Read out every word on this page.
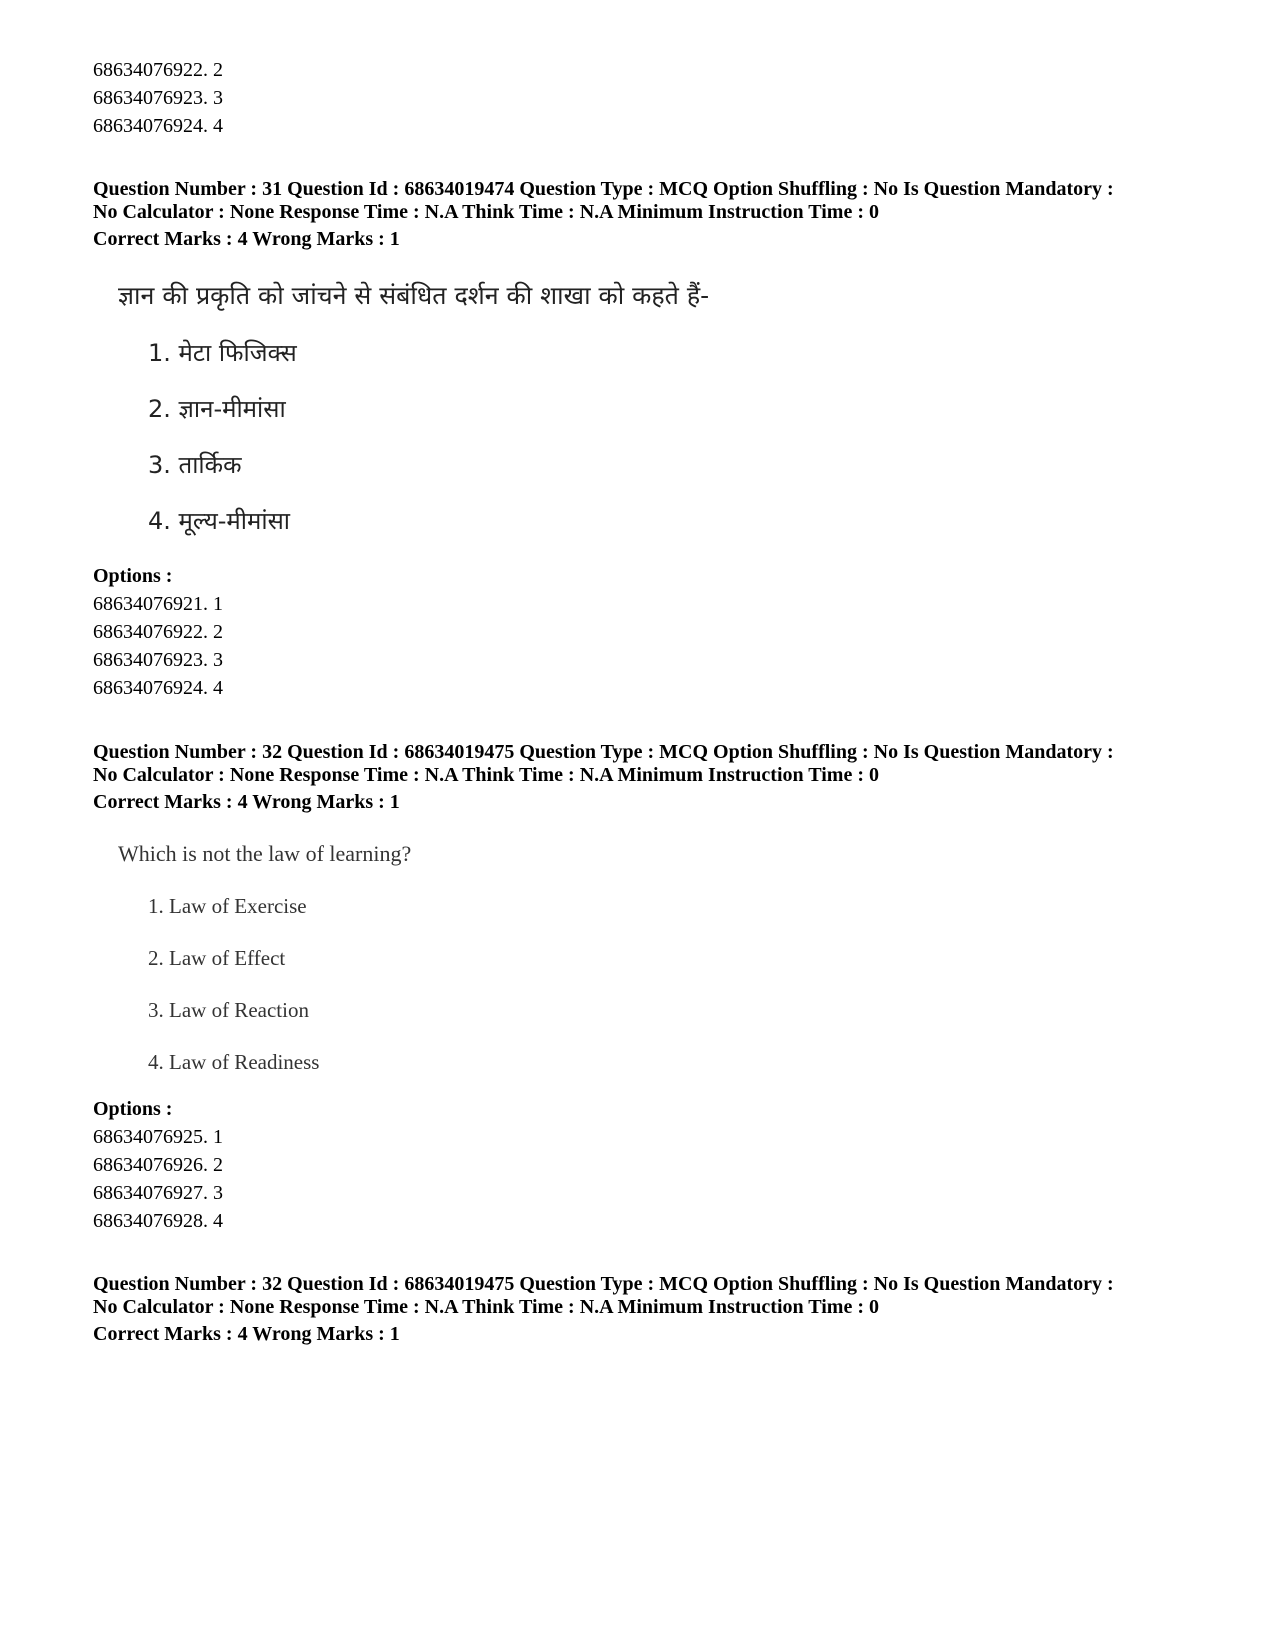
68634076922. 2
68634076923. 3
68634076924. 4
Question Number : 31 Question Id : 68634019474 Question Type : MCQ Option Shuffling : No Is Question Mandatory :
No Calculator : None Response Time : N.A Think Time : N.A Minimum Instruction Time : 0
Correct Marks : 4 Wrong Marks : 1
ज्ञान की प्रकृति को जांचने से संबंधित दर्शन की शाखा को कहते हैं-
1. मेटा फिजिक्स
2. ज्ञान-मीमांसा
3. तार्किक
4. मूल्य-मीमांसा
Options :
68634076921. 1
68634076922. 2
68634076923. 3
68634076924. 4
Question Number : 32 Question Id : 68634019475 Question Type : MCQ Option Shuffling : No Is Question Mandatory :
No Calculator : None Response Time : N.A Think Time : N.A Minimum Instruction Time : 0
Correct Marks : 4 Wrong Marks : 1
Which is not the law of learning?
1. Law of Exercise
2. Law of Effect
3. Law of Reaction
4. Law of Readiness
Options :
68634076925. 1
68634076926. 2
68634076927. 3
68634076928. 4
Question Number : 32 Question Id : 68634019475 Question Type : MCQ Option Shuffling : No Is Question Mandatory :
No Calculator : None Response Time : N.A Think Time : N.A Minimum Instruction Time : 0
Correct Marks : 4 Wrong Marks : 1
